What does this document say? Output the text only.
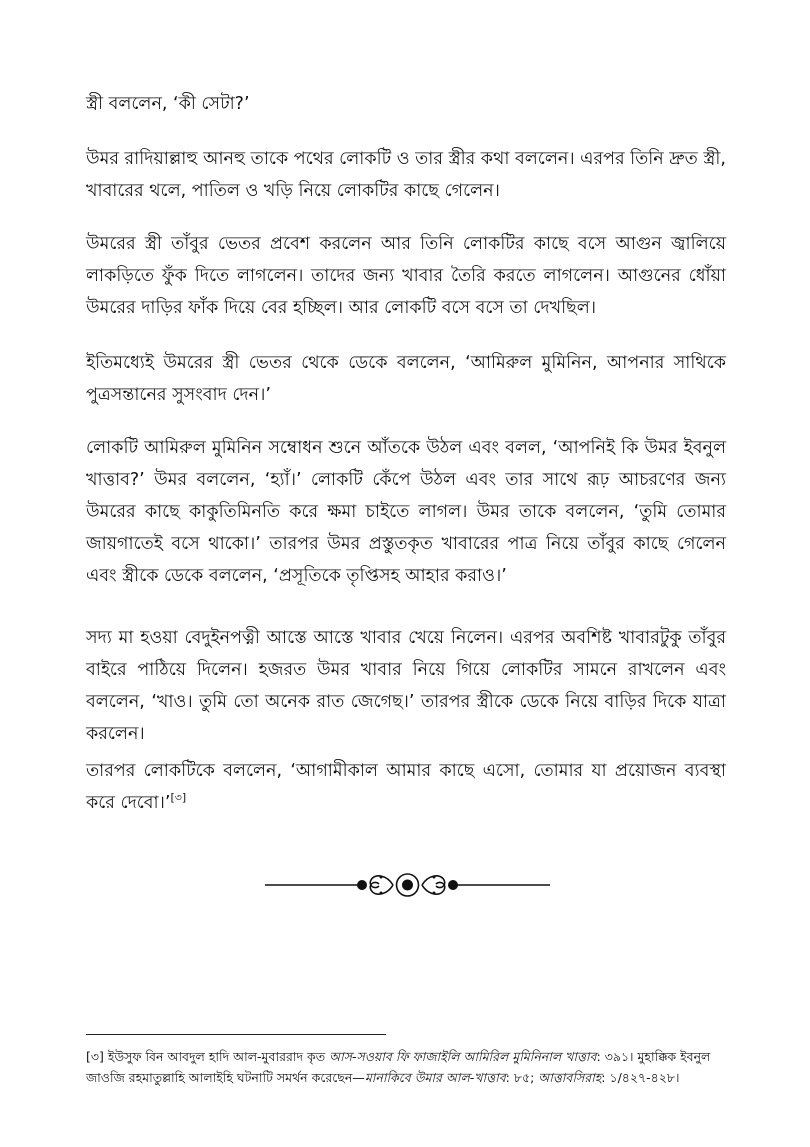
স্ত্রী বললেন, ‘কী সেটা?’

উমর রাদিয়াল্লাহু আনহু তাকে পথের লোকটি ও তার স্ত্রীর কথা বললেন। এরপর তিনি দ্রুত স্ত্রী, খাবারের থলে, পাতিল ও খড়ি নিয়ে লোকটির কাছে গেলেন।

উমরের স্ত্রী তাঁবুর ভেতর প্রবেশ করলেন আর তিনি লোকটির কাছে বসে আগুন জ্বালিয়ে লাকড়িতে ফুঁক দিতে লাগলেন। তাদের জন্য খাবার তৈরি করতে লাগলেন। আগুনের ধোঁয়া উমরের দাড়ির ফাঁক দিয়ে বের হচ্ছিল। আর লোকটি বসে বসে তা দেখছিল।

ইতিমধ্যেই উমরের স্ত্রী ভেতর থেকে ডেকে বললেন, ‘আমিরুল মুমিনিন, আপনার সাথিকে পুত্রসন্তানের সুসংবাদ দেন।’

লোকটি আমিরুল মুমিনিন সম্বোধন শুনে আঁতকে উঠল এবং বলল, ‘আপনিই কি উমর ইবনুল খাত্তাব?’ উমর বললেন, ‘হ্যাঁ।’ লোকটি কেঁপে উঠল এবং তার সাথে রূঢ় আচরণের জন্য উমরের কাছে কাকুতিমিনতি করে ক্ষমা চাইতে লাগল। উমর তাকে বললেন, ‘তুমি তোমার জায়গাতেই বসে থাকো।’ তারপর উমর প্রস্তুতকৃত খাবারের পাত্র নিয়ে তাঁবুর কাছে গেলেন এবং স্ত্রীকে ডেকে বললেন, ‘প্রসূতিকে তৃপ্তিসহ আহার করাও।’

সদ্য মা হওয়া বেদুইনপত্নী আস্তে আস্তে খাবার খেয়ে নিলেন। এরপর অবশিষ্ট খাবারটুকু তাঁবুর বাইরে পাঠিয়ে দিলেন। হজরত উমর খাবার নিয়ে গিয়ে লোকটির সামনে রাখলেন এবং বললেন, ‘খাও। তুমি তো অনেক রাত জেগেছ।’ তারপর স্ত্রীকে ডেকে নিয়ে বাড়ির দিকে যাত্রা করলেন।

তারপর লোকটিকে বললেন, ‘আগামীকাল আমার কাছে এসো, তোমার যা প্রয়োজন ব্যবস্থা করে দেবো।’[৩]

[৩] ইউসুফ বিন আবদুল হাদি আল-মুবাররাদ কৃত আস-সওয়াব ফি ফাজাইলি আমিরিল মুমিনিনাল খাত্তাব: ৩৯১। মুহাক্কিক ইবনুল জাওজি রহমাতুল্লাহি আলাইহি ঘটনাটি সমর্থন করেছেন—মানাকিবে উমার আল-খাত্তাব: ৮৫; আত্তাবসিরাহ: ১/৪২৭-৪২৮।
